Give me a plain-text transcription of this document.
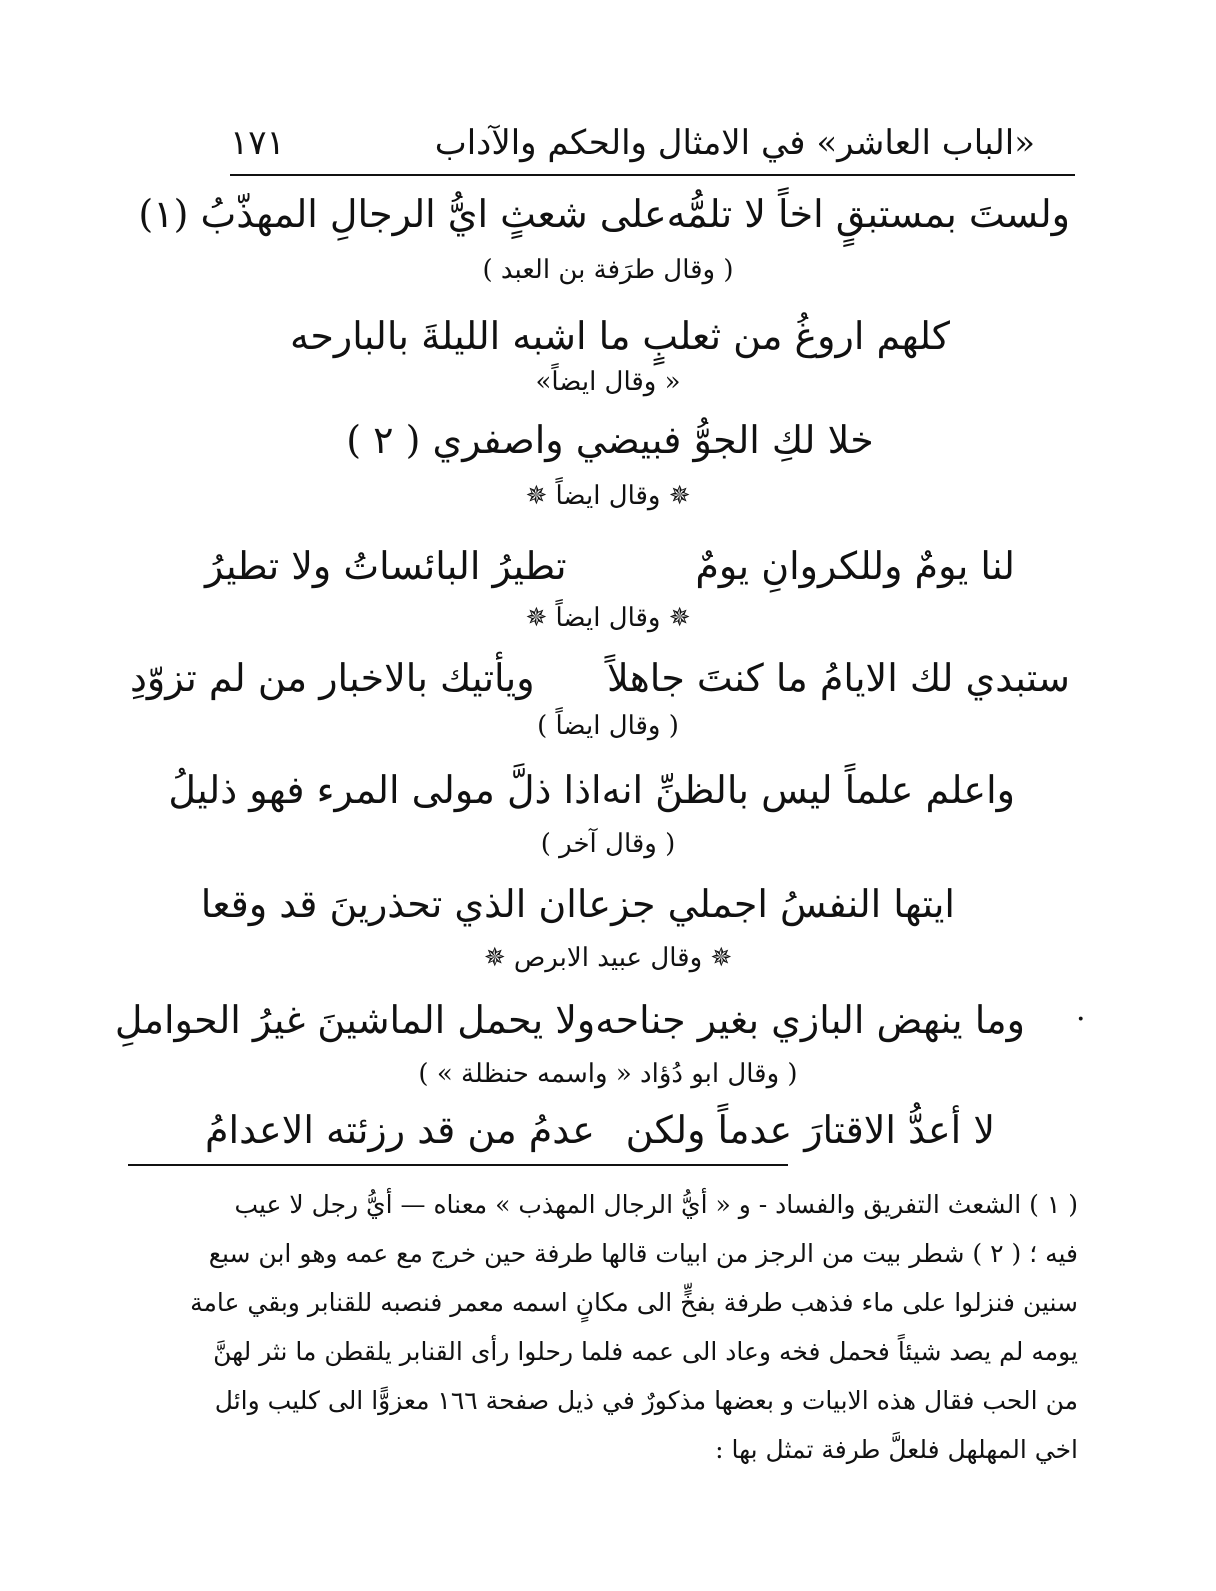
«الباب العاشر» في الامثال والحكم والآداب
١٧١
ولستَ بمستبقٍ اخاً لا تلمُّه
على شعثٍ ايُّ الرجالِ المهذّبُ (١)
( وقال طرَفة بن العبد )
كلهم اروغُ من ثعلبٍ
ما اشبه الليلةَ بالبارحه
« وقال ايضاً»
خلا لكِ الجوُّ فبيضي واصفري ( ٢ )
✵ وقال ايضاً ✵
لنا يومٌ وللكروانِ يومٌ
تطيرُ البائساتُ ولا تطيرُ
✵ وقال ايضاً ✵
ستبدي لك الايامُ ما كنتَ جاهلاً
ويأتيك بالاخبار من لم تزوّدِ
( وقال ايضاً )
واعلم علماً ليس بالظنِّ انه
اذا ذلَّ مولى المرء فهو ذليلُ
( وقال آخر )
ايتها النفسُ اجملي جزعا
ان الذي تحذرينَ قد وقعا
✵ وقال عبيد الابرص ✵
·
وما ينهض البازي بغير جناحه
ولا يحمل الماشينَ غيرُ الحواملِ
( وقال ابو دُؤاد « واسمه حنظلة » )
لا أعدُّ الاقتارَ عدماً ولكن
عدمُ من قد رزئته الاعدامُ
( ١ ) الشعث التفريق والفساد - و « أيُّ الرجال المهذب » معناه — أيُّ رجل لا عيب
فيه ؛ ( ٢ ) شطر بيت من الرجز من ابيات قالها طرفة حين خرج مع عمه وهو ابن سبع
سنين فنزلوا على ماء فذهب طرفة بفخٍّ الى مكانٍ اسمه معمر فنصبه للقنابر وبقي عامة
يومه لم يصد شيئاً فحمل فخه وعاد الى عمه فلما رحلوا رأى القنابر يلقطن ما نثر لهنَّ
من الحب فقال هذه الابيات و بعضها مذكورٌ في ذيل صفحة ١٦٦ معزوًّا الى كليب وائل
اخي المهلهل فلعلَّ طرفة تمثل بها :
